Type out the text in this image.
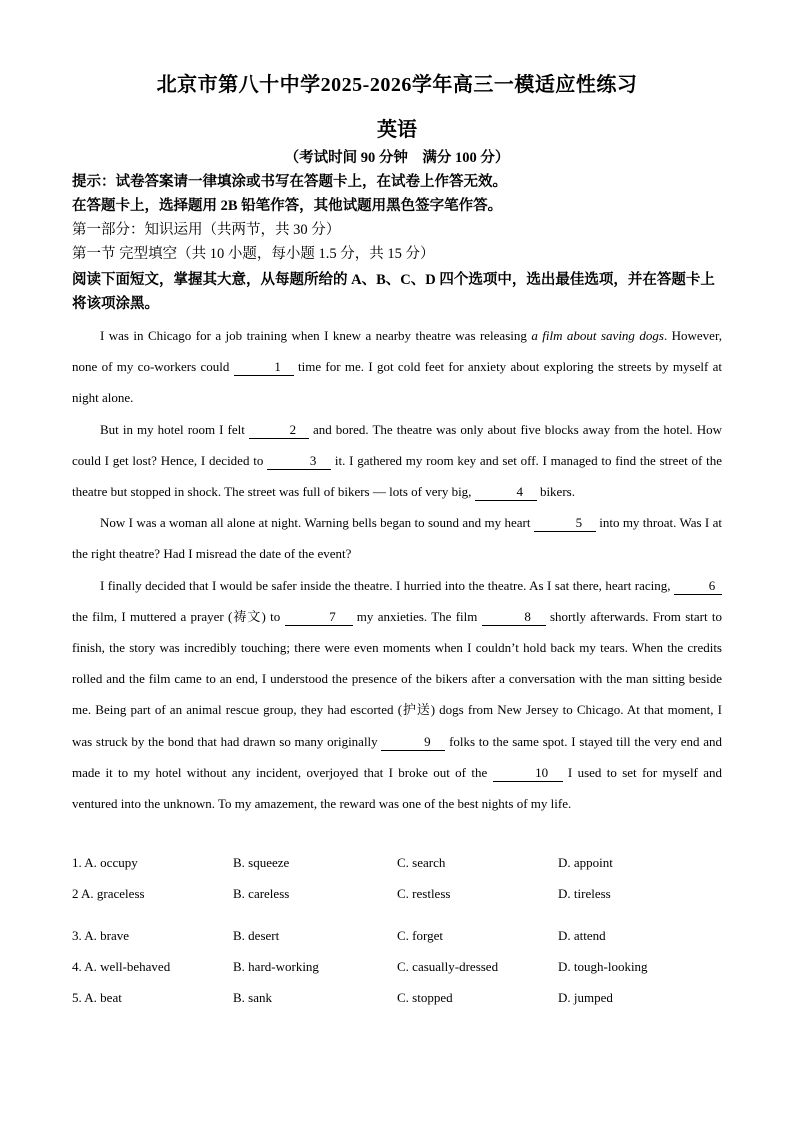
北京市第八十中学2025-2026学年高三一模适应性练习
英语
（考试时间 90 分钟　满分 100 分）
提示：试卷答案请一律填涂或书写在答题卡上，在试卷上作答无效。
在答题卡上，选择题用 2B 铅笔作答，其他试题用黑色签字笔作答。
第一部分：知识运用（共两节，共 30 分）
第一节 完型填空（共 10 小题，每小题 1.5 分，共 15 分）
阅读下面短文，掌握其大意，从每题所给的 A、B、C、D 四个选项中，选出最佳选项，并在答题卡上将该项涂黑。

I was in Chicago for a job training when I knew a nearby theatre was releasing a film about saving dogs. However, none of my co-workers could	1 time for me. I got cold feet for anxiety about exploring the streets by myself at night alone.

But in my hotel room I felt	2 and bored. The theatre was only about five blocks away from the hotel. How could I get lost? Hence, I decided to	3 it. I gathered my room key and set off. I managed to find the street of the theatre but stopped in shock. The street was full of bikers — lots of very big,	4 bikers.

Now I was a woman all alone at night. Warning bells began to sound and my heart	5 into my throat. Was I at the right theatre? Had I misread the date of the event?

I finally decided that I would be safer inside the theatre. I hurried into the theatre. As I sat there, heart racing,	6 the film, I muttered a prayer (祷文) to	7 my anxieties. The film	8 shortly afterwards. From start to finish, the story was incredibly touching; there were even moments when I couldn’t hold back my tears. When the credits rolled and the film came to an end, I understood the presence of the bikers after a conversation with the man sitting beside me. Being part of an animal rescue group, they had escorted (护送) dogs from New Jersey to Chicago. At that moment, I was struck by the bond that had drawn so many originally	9 folks to the same spot. I stayed till the very end and made it to my hotel without any incident, overjoyed that I broke out of the	10 I used to set for myself and ventured into the unknown. To my amazement, the reward was one of the best nights of my life.

1. A. occupy	B. squeeze	C. search	D. appoint
2 A. graceless	B. careless	C. restless	D. tireless
3. A. brave	B. desert	C. forget	D. attend
4. A. well-behaved	B. hard-working	C. casually-dressed	D. tough-looking
5. A. beat	B. sank	C. stopped	D. jumped
